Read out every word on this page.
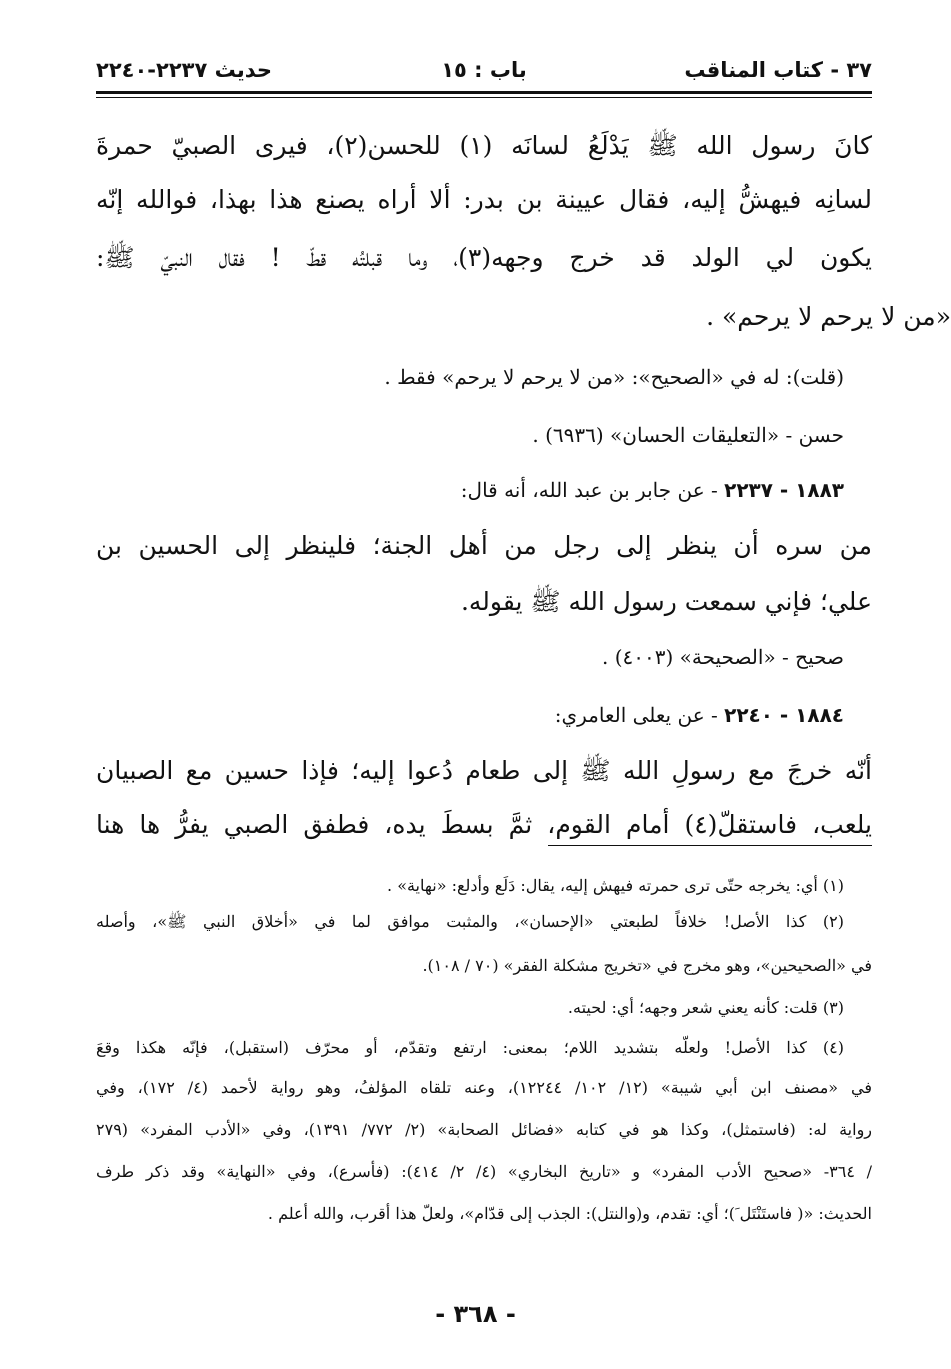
٣٧ - كتاب المناقب
باب : ١٥
حديث ٢٢٣٧-٢٢٤٠
كانَ رسول الله ﷺ يَدْلَعُ لسانَه (١) للحسن(٢)، فيرى الصبيّ حمرةَ
لسانِه فيهشُّ إليه، فقال عيينة بن بدر: ألا أراه يصنع هذا بهذا، فوالله إنّه
يكون لي الولد قد خرج وجهه(٣)، وما قبلتُه قطّ ! فقال النبيّ ﷺ:
«من لا يرحم لا يرحم» .
(قلت): له في «الصحيح»: «من لا يرحم لا يرحم» فقط .
حسن - «التعليقات الحسان» (٦٩٣٦) .
١٨٨٣ - ٢٢٣٧ - عن جابر بن عبد الله، أنه قال:
من سره أن ينظر إلى رجل من أهل الجنة؛ فلينظر إلى الحسين بن
علي؛ فإني سمعت رسول الله ﷺ يقوله.
صحيح - «الصحيحة» (٤٠٠٣) .
١٨٨٤ - ٢٢٤٠ - عن يعلى العامري:
أنّه خرجَ مع رسولِ الله ﷺ إلى طعام دُعوا إليه؛ فإذا حسين مع الصبيان
يلعب، فاستقلّ(٤) أمام القوم، ثمَّ بسطَ يده، فطفق الصبي يفرُّ ها هنا
(١) أي: يخرجه حتّى ترى حمرته فيهش إليه، يقال: دَلَع وأدلع: «نهاية» .
(٢) كذا الأصل! خلافاً لطبعتي «الإحسان»، والمثبت موافق لما في «أخلاق النبي ﷺ»، وأصله
في «الصحيحين»، وهو مخرج في «تخريج مشكلة الفقر» (٧٠ / ١٠٨).
(٣) قلت: كأنه يعني شعر وجهه؛ أي: لحيته.
(٤) كذا الأصل! ولعلّه بتشديد اللام؛ بمعنى: ارتفع وتقدّم، أو محرّف (استقبل)، فإنّه هكذا وقعَ
في «مصنف ابن أبي شيبة» (١٢/ ١٠٢/ ١٢٢٤٤)، وعنه تلقاه المؤلفُ، وهو رواية لأحمد (٤/ ١٧٢)، وفي
رواية له: (فاستمثل)، وكذا هو في كتابه «فضائل الصحابة» (٢/ ٧٧٢/ ١٣٩١)، وفي «الأدب المفرد» (٢٧٩
/ ٣٦٤- «صحيح الأدب المفرد» و «تاريخ البخاري» (٤/ ٢/ ٤١٤): (فأسرع)، وفي «النهاية» وقد ذكر طرف
الحديث: «( فاستَنْتَل َ)؛ أي: تقدم، و(والنتل): الجذب إلى قدّام»، ولعلّ هذا أقرب، والله أعلم .
- ٣٦٨ -
